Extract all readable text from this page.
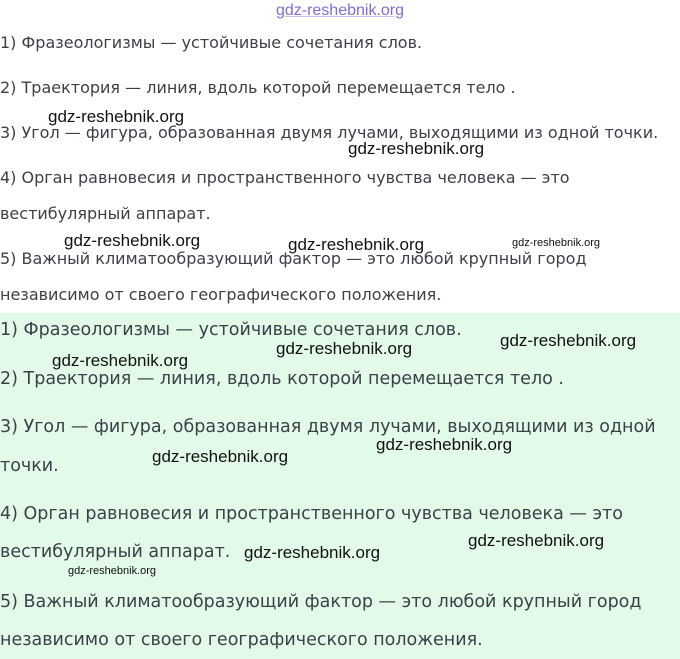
1) Фразеологизмы — устойчивые сочетания слов.
2) Траектория — линия, вдоль которой перемещается тело .
3) Угол — фигура, образованная двумя лучами, выходящими из одной точки.
4) Орган равновесия и пространственного чувства человека — это
вестибулярный аппарат.
5) Важный климатообразующий фактор — это любой крупный город
независимо от своего географического положения.
1) Фразеологизмы — устойчивые сочетания слов.
2) Траектория — линия, вдоль которой перемещается тело .
3) Угол — фигура, образованная двумя лучами, выходящими из одной
точки.
4) Орган равновесия и пространственного чувства человека — это
вестибулярный аппарат.
5) Важный климатообразующий фактор — это любой крупный город
независимо от своего географического положения.
gdz-reshebnik.org
gdz-reshebnik.org
gdz-reshebnik.org
gdz-reshebnik.org	gdz-reshebnik.org	gdz-reshebnik.org
gdz-reshebnik.org
gdz-reshebnik.org
gdz-reshebnik.org
gdz-reshebnik.org
gdz-reshebnik.org
gdz-reshebnik.org
gdz-reshebnik.org
gdz-reshebnik.org
